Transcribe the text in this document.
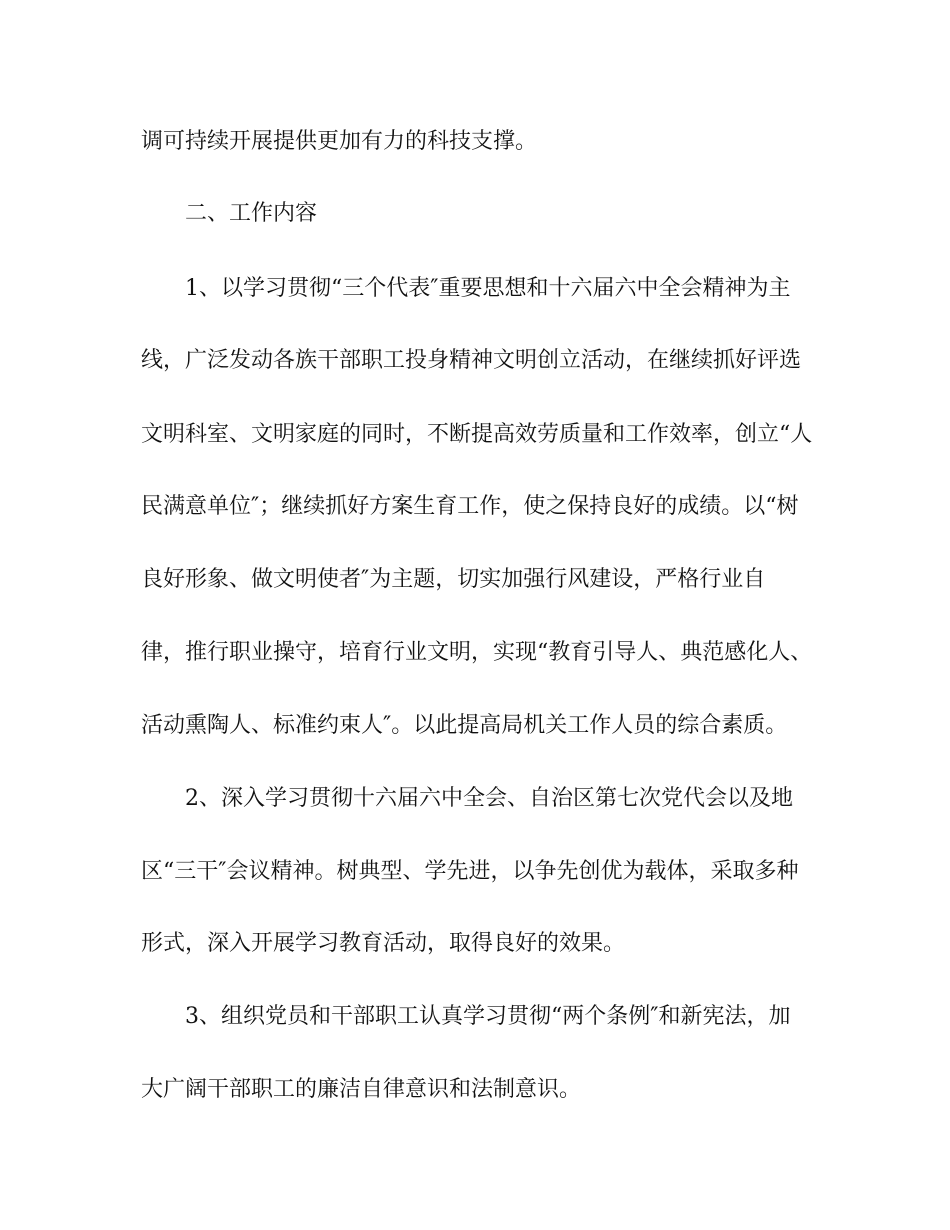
调可持续开展提供更加有力的科技支撑。

二、工作内容

1、以学习贯彻“三个代表″重要思想和十六届六中全会精神为主

线，广泛发动各族干部职工投身精神文明创立活动，在继续抓好评选

文明科室、文明家庭的同时，不断提高效劳质量和工作效率，创立“人

民满意单位″；继续抓好方案生育工作，使之保持良好的成绩。以“树

良好形象、做文明使者″为主题，切实加强行风建设，严格行业自

律，推行职业操守，培育行业文明，实现“教育引导人、典范感化人、

活动熏陶人、标准约束人″。以此提高局机关工作人员的综合素质。

2、深入学习贯彻十六届六中全会、自治区第七次党代会以及地

区“三干″会议精神。树典型、学先进，以争先创优为载体，采取多种

形式，深入开展学习教育活动，取得良好的效果。

3、组织党员和干部职工认真学习贯彻“两个条例″和新宪法，加

大广阔干部职工的廉洁自律意识和法制意识。
